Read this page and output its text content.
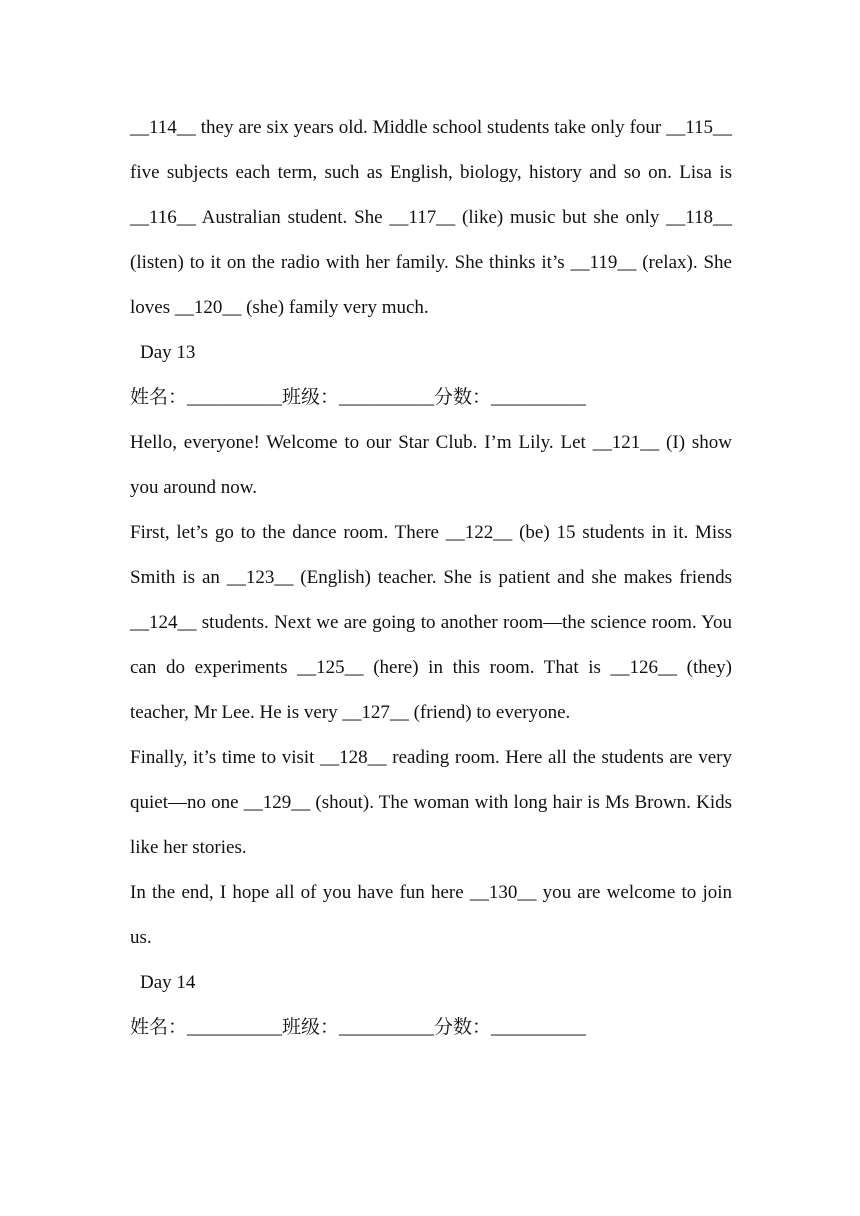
__114__ they are six years old. Middle school students take only four __115__ five subjects each term, such as English, biology, history and so on. Lisa is __116__ Australian student. She __117__ (like) music but she only __118__ (listen) to it on the radio with her family. She thinks it’s __119__ (relax). She loves __120__ (she) family very much.

Day 13

姓名：__________班级：__________分数：__________

Hello, everyone! Welcome to our Star Club. I’m Lily. Let __121__ (I) show you around now.

First, let’s go to the dance room. There __122__ (be) 15 students in it. Miss Smith is an __123__ (English) teacher. She is patient and she makes friends __124__ students. Next we are going to another room—the science room. You can do experiments __125__ (here) in this room. That is __126__ (they) teacher, Mr Lee. He is very __127__ (friend) to everyone.

Finally, it’s time to visit __128__ reading room. Here all the students are very quiet—no one __129__ (shout). The woman with long hair is Ms Brown. Kids like her stories.

In the end, I hope all of you have fun here __130__ you are welcome to join us.

Day 14

姓名：__________班级：__________分数：__________
